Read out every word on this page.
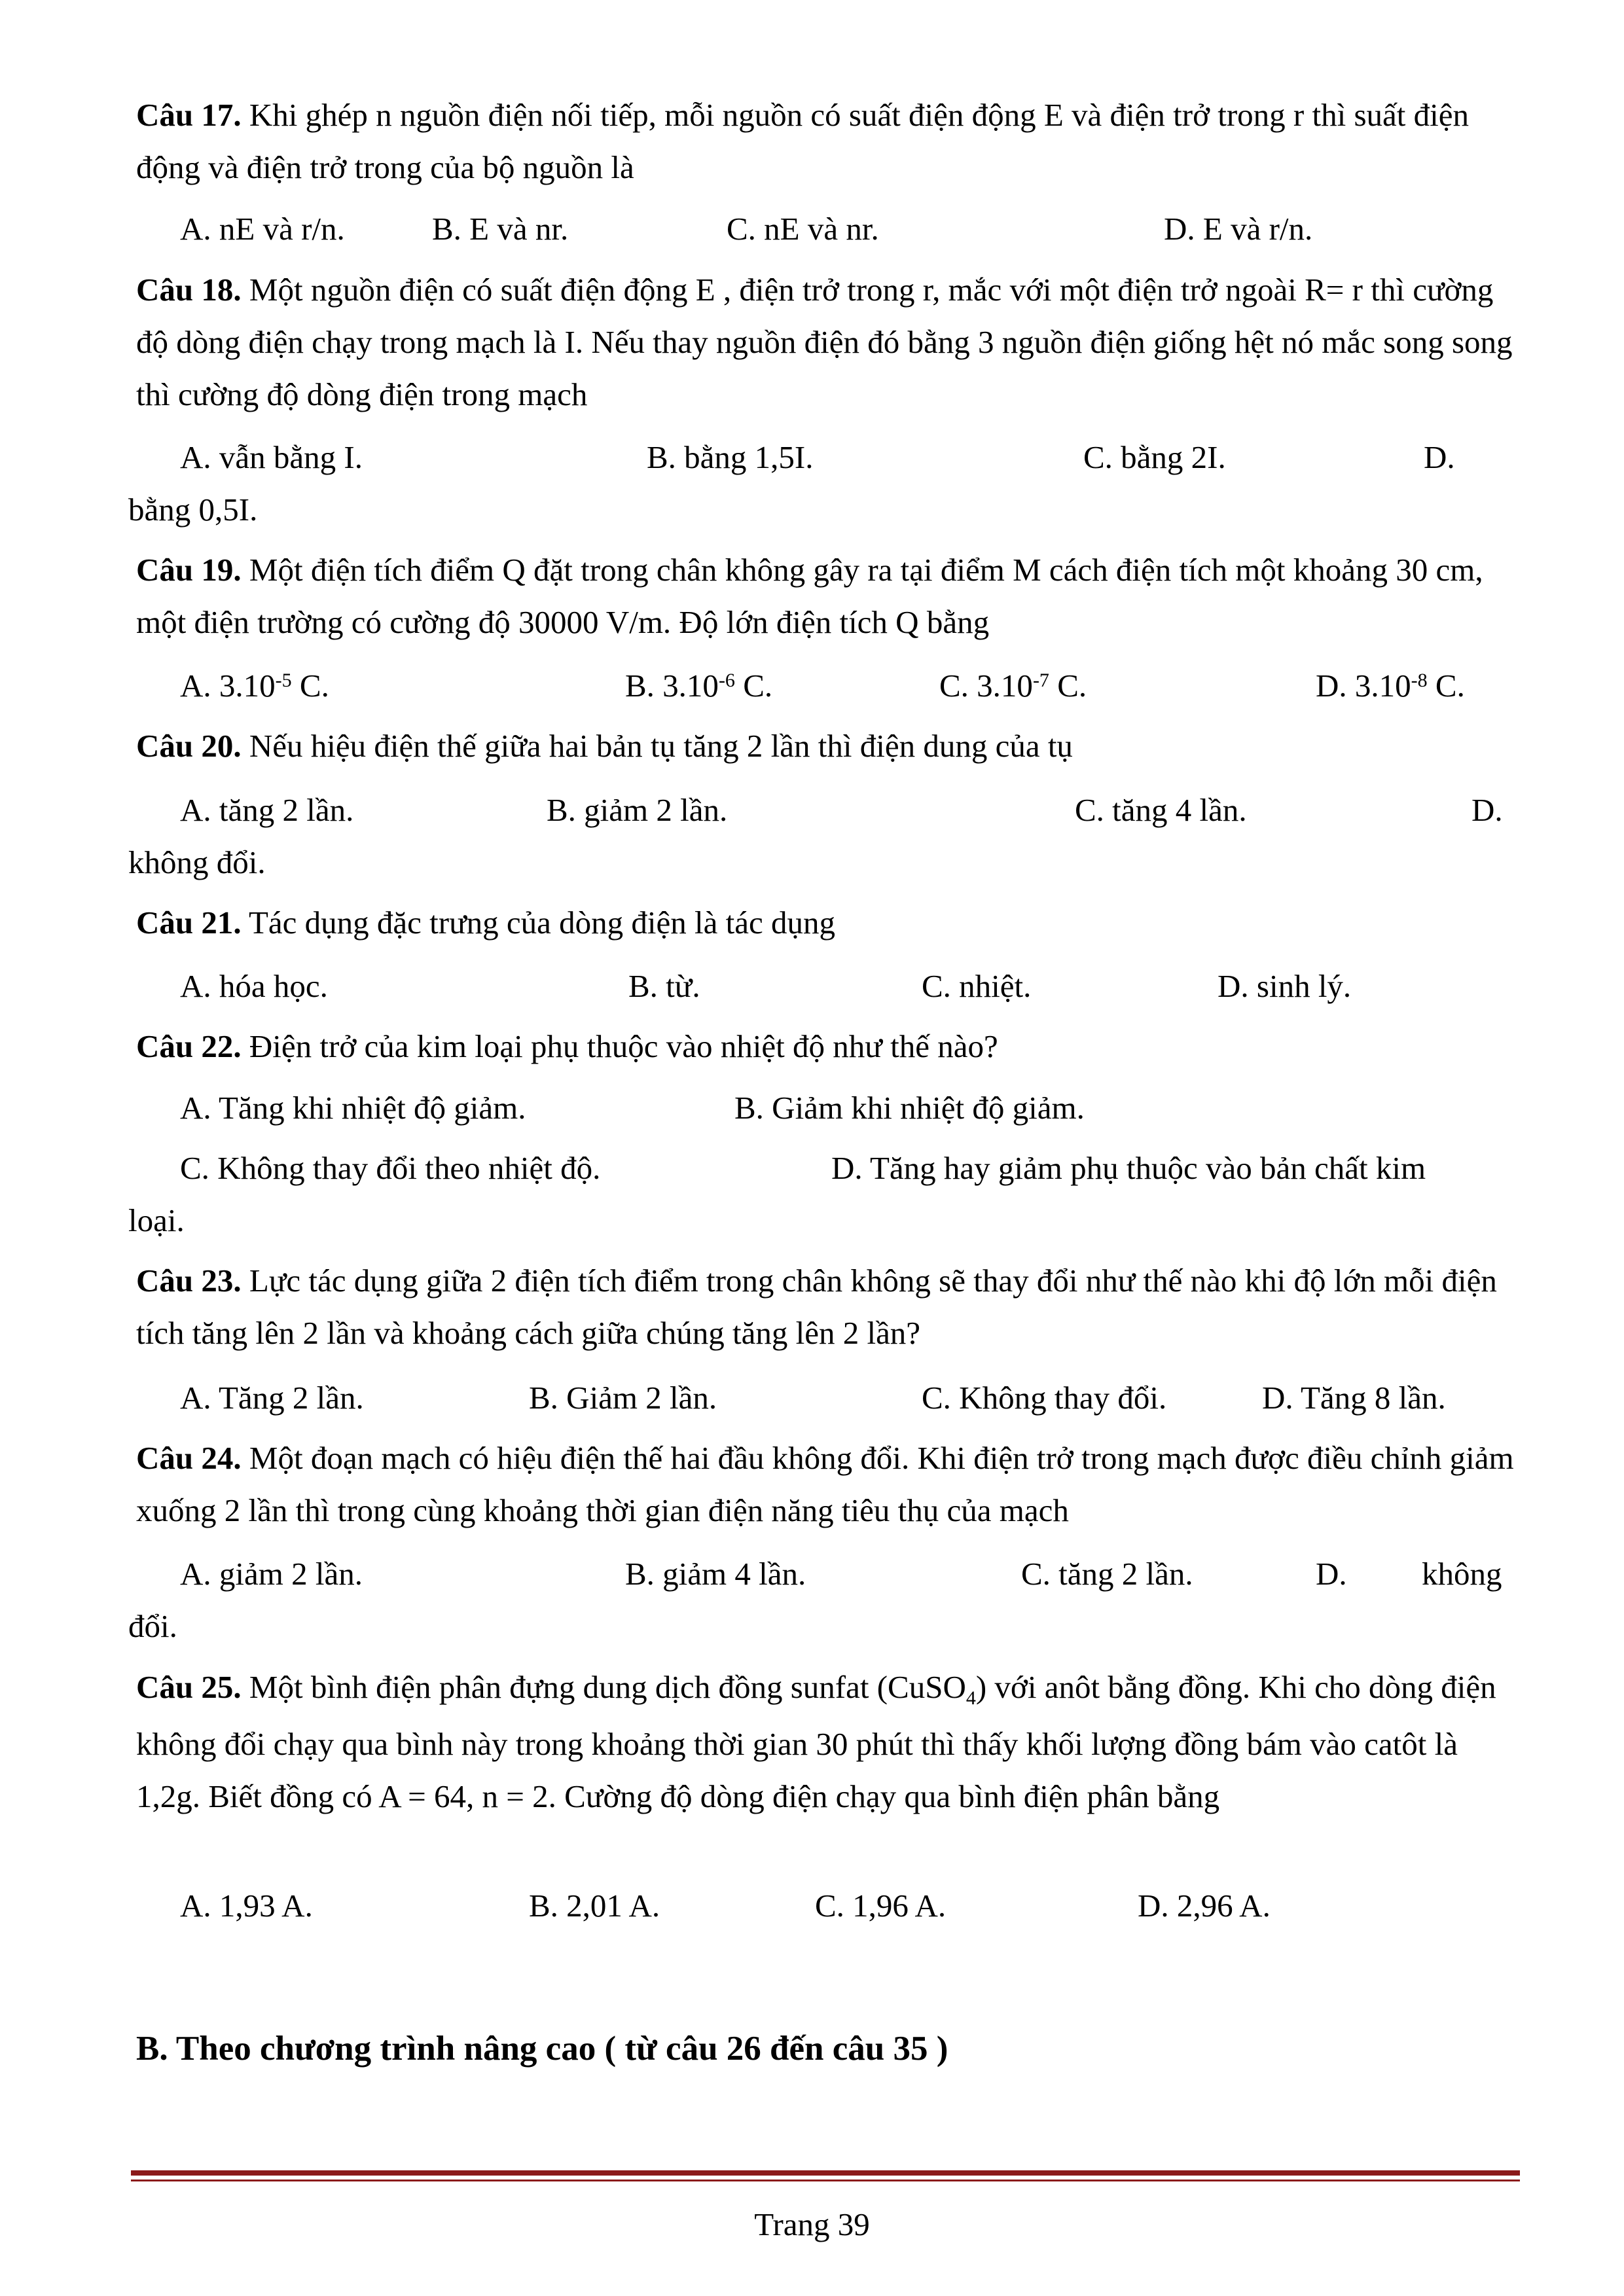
Câu 17. Khi ghép n nguồn điện nối tiếp, mỗi nguồn có suất điện động E và điện trở trong r thì suất điện động và điện trở trong của bộ nguồn là
A. nE và r/n.	B. E và nr.	C. nE và nr.	D. E và r/n.
Câu 18. Một nguồn điện có suất điện động E , điện trở trong r, mắc với một điện trở ngoài R= r thì cường độ dòng điện chạy trong mạch là I. Nếu thay nguồn điện đó bằng 3 nguồn điện giống hệt nó mắc song song thì cường độ dòng điện trong mạch
A. vẫn bằng I.	B. bằng 1,5I.	C. bằng 2I.	D.
bằng 0,5I.
Câu 19. Một điện tích điểm Q đặt trong chân không gây ra tại điểm M cách điện tích một khoảng 30 cm, một điện trường có cường độ 30000 V/m. Độ lớn điện tích Q bằng
A. $3.10^{-5}$ C.	B. $3.10^{-6}$ C.	C. $3.10^{-7}$ C.	D. $3.10^{-8}$ C.
Câu 20. Nếu hiệu điện thế giữa hai bản tụ tăng 2 lần thì điện dung của tụ
A. tăng 2 lần.	B. giảm 2 lần.	C. tăng 4 lần.	D.
không đổi.
Câu 21. Tác dụng đặc trưng của dòng điện là tác dụng
A. hóa học.	B. từ.	C. nhiệt.	D. sinh lý.
Câu 22. Điện trở của kim loại phụ thuộc vào nhiệt độ như thế nào?
A. Tăng khi nhiệt độ giảm.	B. Giảm khi nhiệt độ giảm.
C. Không thay đổi theo nhiệt độ.	D. Tăng hay giảm phụ thuộc vào bản chất kim
loại.
Câu 23. Lực tác dụng giữa 2 điện tích điểm trong chân không sẽ thay đổi như thế nào khi độ lớn mỗi điện tích tăng lên 2 lần và khoảng cách giữa chúng tăng lên 2 lần?
A. Tăng 2 lần.	B. Giảm 2 lần.	C. Không thay đổi.	D. Tăng 8 lần.
Câu 24. Một đoạn mạch có hiệu điện thế hai đầu không đổi. Khi điện trở trong mạch được điều chỉnh giảm xuống 2 lần thì trong cùng khoảng thời gian điện năng tiêu thụ của mạch
A. giảm 2 lần.	B. giảm 4 lần.	C. tăng 2 lần.	D. không
đổi.
Câu 25. Một bình điện phân đựng dung dịch đồng sunfat (CuSO$_4$) với anôt bằng đồng. Khi cho dòng điện không đổi chạy qua bình này trong khoảng thời gian 30 phút thì thấy khối lượng đồng bám vào catôt là 1,2g. Biết đồng có A = 64, n = 2. Cường độ dòng điện chạy qua bình điện phân bằng
A. 1,93 A.	B. 2,01 A.	C. 1,96 A.	D. 2,96 A.
B. Theo chương trình nâng cao ( từ câu 26 đến câu 35 )
Trang 39
